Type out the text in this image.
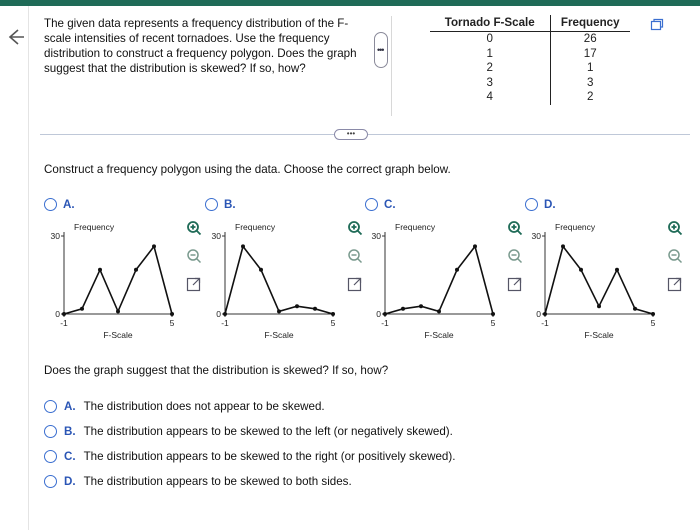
The given data represents a frequency distribution of the F-scale intensities of recent tornadoes. Use the frequency distribution to construct a frequency polygon. Does the graph suggest that the distribution is skewed? If so, how?
•••
Tornado F-Scale	Frequency
0	26
1	17
2	1
3	3
4	2
•••
Construct a frequency polygon using the data. Choose the correct graph below.
A.
30
0
-1	5
Frequency
F-Scale
B.
30
0
-1	5
Frequency
F-Scale
C.
30
0
-1	5
Frequency
F-Scale
D.
30
0
-1	5
Frequency
F-Scale
Does the graph suggest that the distribution is skewed? If so, how?
A. The distribution does not appear to be skewed.
B. The distribution appears to be skewed to the left (or negatively skewed).
C. The distribution appears to be skewed to the right (or positively skewed).
D. The distribution appears to be skewed to both sides.
